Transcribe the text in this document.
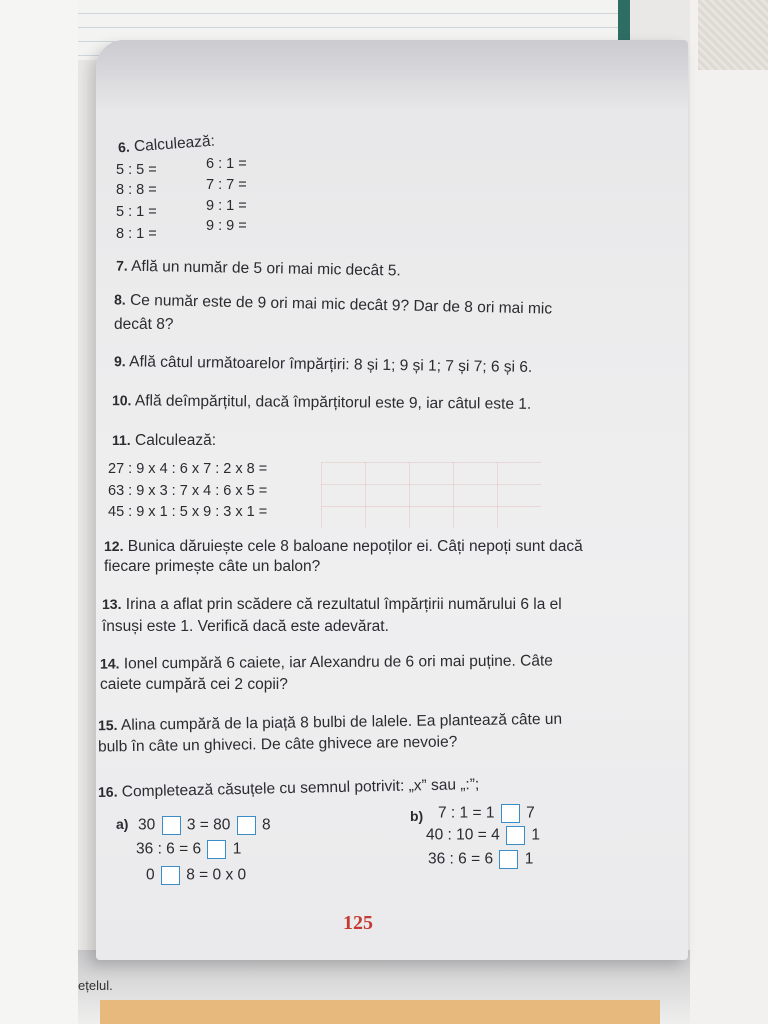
ețelul.
6. Calculează:
5 : 5 =
8 : 8 =
5 : 1 =
8 : 1 =
6 : 1 =
7 : 7 =
9 : 1 =
9 : 9 =
7. Află un număr de 5 ori mai mic decât 5.
8. Ce număr este de 9 ori mai mic decât 9? Dar de 8 ori mai mic
decât 8?
9. Află câtul următoarelor împărțiri: 8 și 1; 9 și 1; 7 și 7; 6 și 6.
10. Află deîmpărțitul, dacă împărțitorul este 9, iar câtul este 1.
11. Calculează:
27 : 9 x 4 : 6 x 7 : 2 x 8 =
63 : 9 x 3 : 7 x 4 : 6 x 5 =
45 : 9 x 1 : 5 x 9 : 3 x 1 =
12. Bunica dăruiește cele 8 baloane nepoților ei. Câți nepoți sunt dacă
fiecare primește câte un balon?
13. Irina a aflat prin scădere că rezultatul împărțirii numărului 6 la el
însuși este 1. Verifică dacă este adevărat.
14. Ionel cumpără 6 caiete, iar Alexandru de 6 ori mai puține. Câte
caiete cumpără cei 2 copii?
15. Alina cumpără de la piață 8 bulbi de lalele. Ea plantează câte un
bulb în câte un ghiveci. De câte ghivece are nevoie?
16. Completează căsuțele cu semnul potrivit: „x” sau „:”;
a) 30 3 = 80 8
36 : 6 = 6 1
0 8 = 0 x 0
b) 7 : 1 = 1 7
40 : 10 = 4 1
36 : 6 = 6 1
125
